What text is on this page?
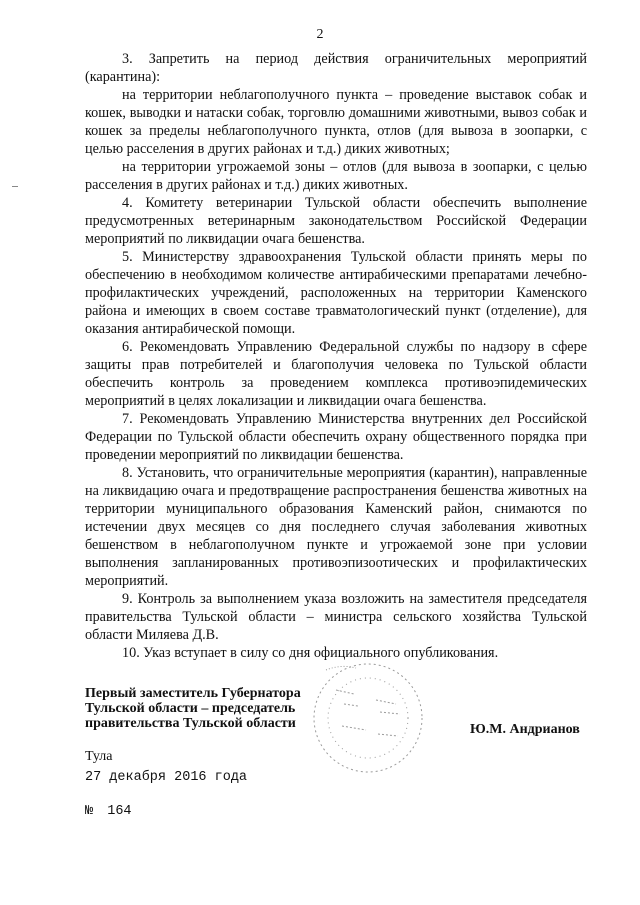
2

3. Запретить на период действия ограничительных мероприятий (карантина):

на территории неблагополучного пункта – проведение выставок собак и кошек, выводки и натаски собак, торговлю домашними животными, вывоз собак и кошек за пределы неблагополучного пункта, отлов (для вывоза в зоопарки, с целью расселения в других районах и т.д.) диких животных;

на территории угрожаемой зоны – отлов (для вывоза в зоопарки, с целью расселения в других районах и т.д.) диких животных.

4. Комитету ветеринарии Тульской области обеспечить выполнение предусмотренных ветеринарным законодательством Российской Федерации мероприятий по ликвидации очага бешенства.

5. Министерству здравоохранения Тульской области принять меры по обеспечению в необходимом количестве антирабическими препаратами лечебно-профилактических учреждений, расположенных на территории Каменского района и имеющих в своем составе травматологический пункт (отделение), для оказания антирабической помощи.

6. Рекомендовать Управлению Федеральной службы по надзору в сфере защиты прав потребителей и благополучия человека по Тульской области обеспечить контроль за проведением комплекса противоэпидемических мероприятий в целях локализации и ликвидации очага бешенства.

7. Рекомендовать Управлению Министерства внутренних дел Российской Федерации по Тульской области обеспечить охрану общественного порядка при проведении мероприятий по ликвидации бешенства.

8. Установить, что ограничительные мероприятия (карантин), направленные на ликвидацию очага и предотвращение распространения бешенства животных на территории муниципального образования Каменский район, снимаются по истечении двух месяцев со дня последнего случая заболевания животных бешенством в неблагополучном пункте и угрожаемой зоне при условии выполнения запланированных противоэпизоотических и профилактических мероприятий.

9. Контроль за выполнением указа возложить на заместителя председателя правительства Тульской области – министра сельского хозяйства Тульской области Миляева Д.В.

10. Указ вступает в силу со дня официального опубликования.

Первый заместитель Губернатора
Тульской области – председатель
правительства Тульской области	Ю.М. Андрианов
Тула
27 декабря 2016 года
№ 164
